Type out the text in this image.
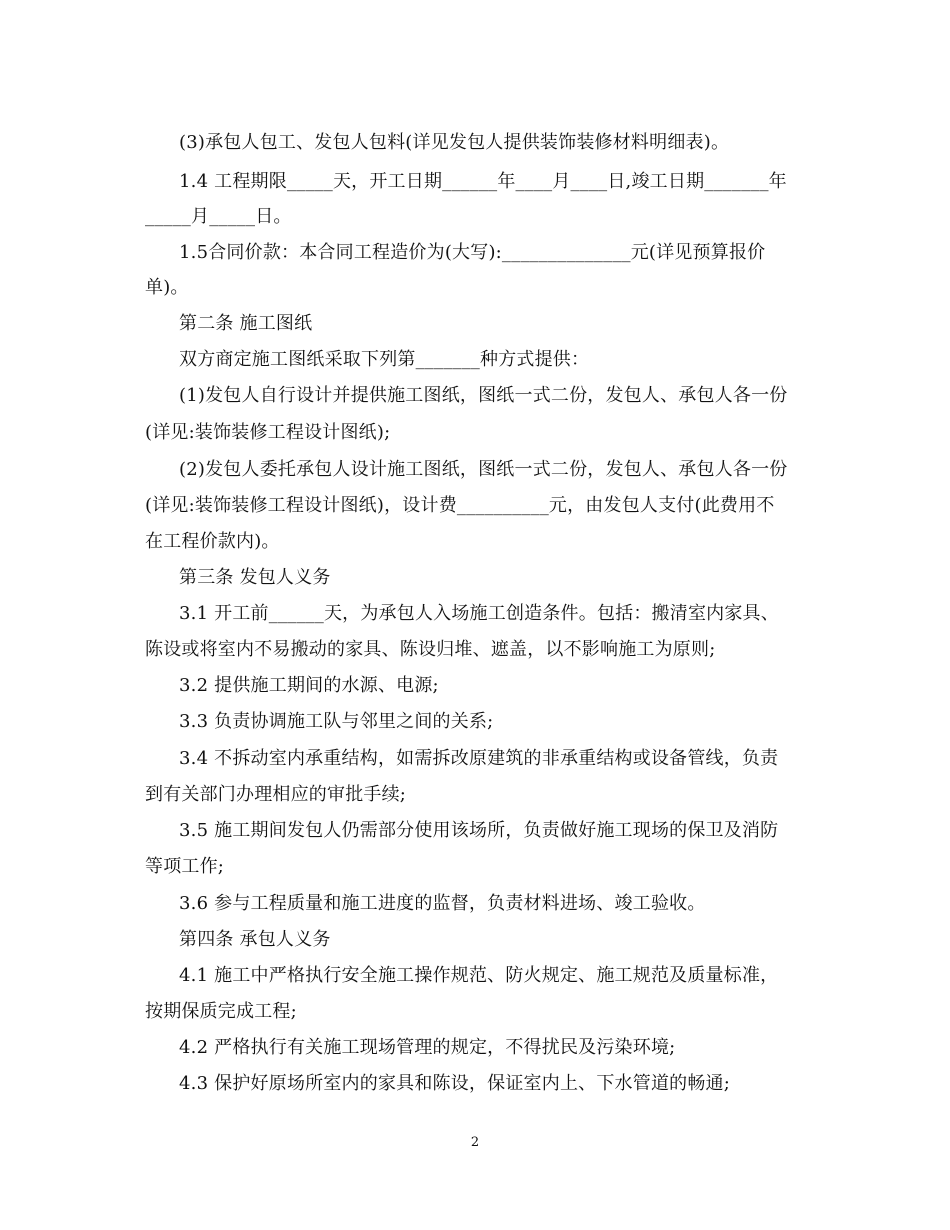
(3)承包人包工、发包人包料(详见发包人提供装饰装修材料明细表)。
1.4 工程期限_____天，开工日期______年____月____日,竣工日期_______年
_____月_____日。
1.5合同价款：本合同工程造价为(大写):______________元(详见预算报价
单)。
第二条 施工图纸
双方商定施工图纸采取下列第_______种方式提供：
(1)发包人自行设计并提供施工图纸，图纸一式二份，发包人、承包人各一份
(详见:装饰装修工程设计图纸);
(2)发包人委托承包人设计施工图纸，图纸一式二份，发包人、承包人各一份
(详见:装饰装修工程设计图纸)，设计费__________元，由发包人支付(此费用不
在工程价款内)。
第三条 发包人义务
3.1 开工前______天，为承包人入场施工创造条件。包括：搬清室内家具、
陈设或将室内不易搬动的家具、陈设归堆、遮盖，以不影响施工为原则;
3.2 提供施工期间的水源、电源;
3.3 负责协调施工队与邻里之间的关系;
3.4 不拆动室内承重结构，如需拆改原建筑的非承重结构或设备管线，负责
到有关部门办理相应的审批手续;
3.5 施工期间发包人仍需部分使用该场所，负责做好施工现场的保卫及消防
等项工作;
3.6 参与工程质量和施工进度的监督，负责材料进场、竣工验收。
第四条 承包人义务
4.1 施工中严格执行安全施工操作规范、防火规定、施工规范及质量标准，
按期保质完成工程;
4.2 严格执行有关施工现场管理的规定，不得扰民及污染环境;
4.3 保护好原场所室内的家具和陈设，保证室内上、下水管道的畅通;
2
